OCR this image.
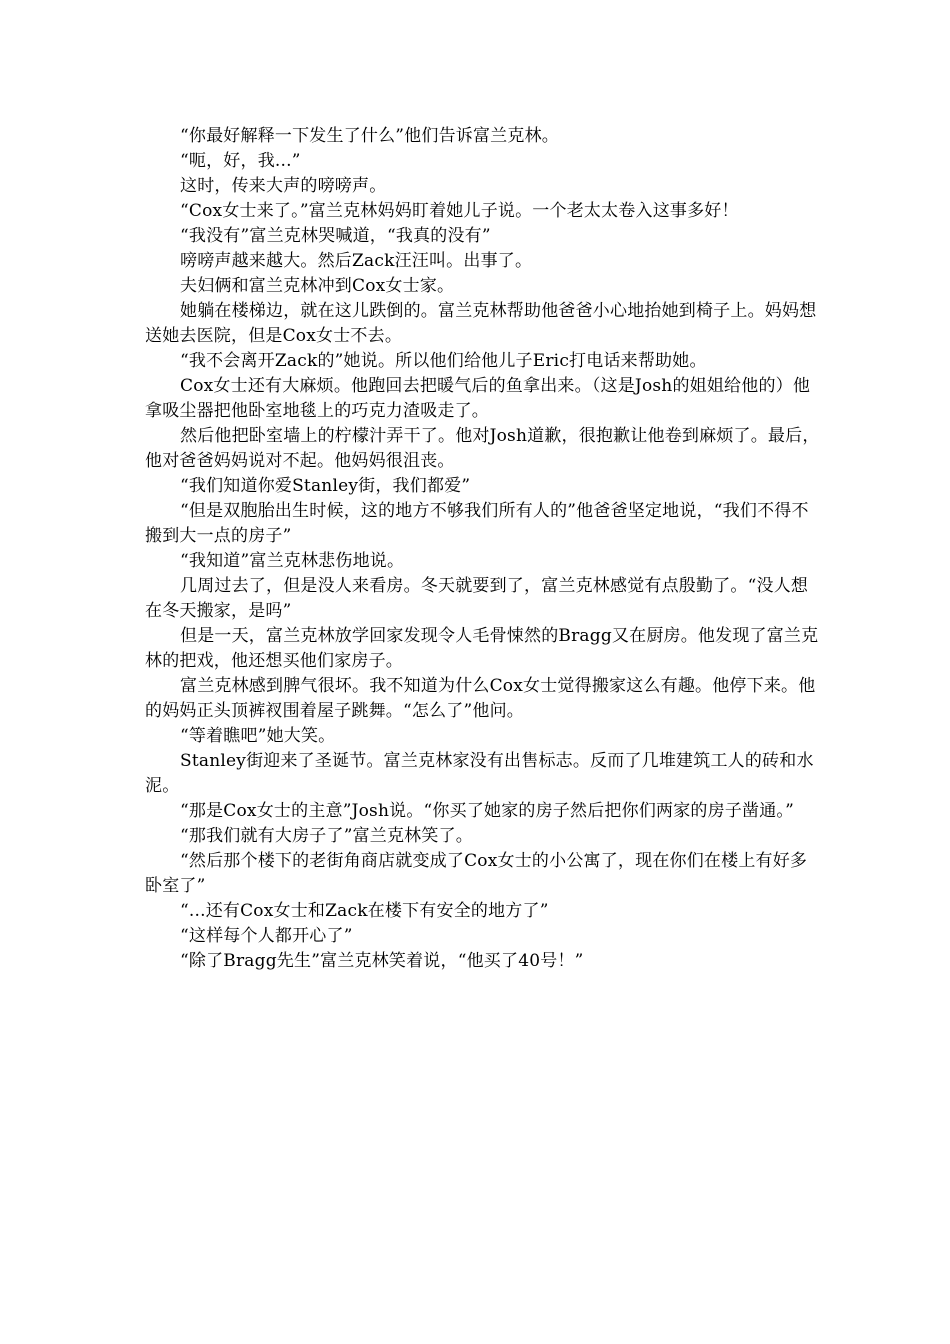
“你最好解释一下发生了什么”他们告诉富兰克林。

“呃，好，我...”

这时，传来大声的嗙嗙声。

“Cox女士来了。”富兰克林妈妈盯着她儿子说。一个老太太卷入这事多好！

“我没有”富兰克林哭喊道，“我真的没有”

嗙嗙声越来越大。然后Zack汪汪叫。出事了。

夫妇俩和富兰克林冲到Cox女士家。

她躺在楼梯边，就在这儿跌倒的。富兰克林帮助他爸爸小心地抬她到椅子上。妈妈想送她去医院，但是Cox女士不去。

“我不会离开Zack的”她说。所以他们给他儿子Eric打电话来帮助她。

Cox女士还有大麻烦。他跑回去把暖气后的鱼拿出来。（这是Josh的姐姐给他的）他拿吸尘器把他卧室地毯上的巧克力渣吸走了。

然后他把卧室墙上的柠檬汁弄干了。他对Josh道歉，很抱歉让他卷到麻烦了。最后，他对爸爸妈妈说对不起。他妈妈很沮丧。

“我们知道你爱Stanley街，我们都爱”

“但是双胞胎出生时候，这的地方不够我们所有人的”他爸爸坚定地说，“我们不得不搬到大一点的房子”

“我知道”富兰克林悲伤地说。

几周过去了，但是没人来看房。冬天就要到了，富兰克林感觉有点殷勤了。“没人想在冬天搬家，是吗”

但是一天，富兰克林放学回家发现令人毛骨悚然的Bragg又在厨房。他发现了富兰克林的把戏，他还想买他们家房子。

富兰克林感到脾气很坏。我不知道为什么Cox女士觉得搬家这么有趣。他停下来。他的妈妈正头顶裤衩围着屋子跳舞。“怎么了”他问。

“等着瞧吧”她大笑。

Stanley街迎来了圣诞节。富兰克林家没有出售标志。反而了几堆建筑工人的砖和水泥。

“那是Cox女士的主意”Josh说。“你买了她家的房子然后把你们两家的房子凿通。”

“那我们就有大房子了”富兰克林笑了。

“然后那个楼下的老街角商店就变成了Cox女士的小公寓了，现在你们在楼上有好多卧室了”

“...还有Cox女士和Zack在楼下有安全的地方了”

“这样每个人都开心了”

“除了Bragg先生”富兰克林笑着说，“他买了40号！”
